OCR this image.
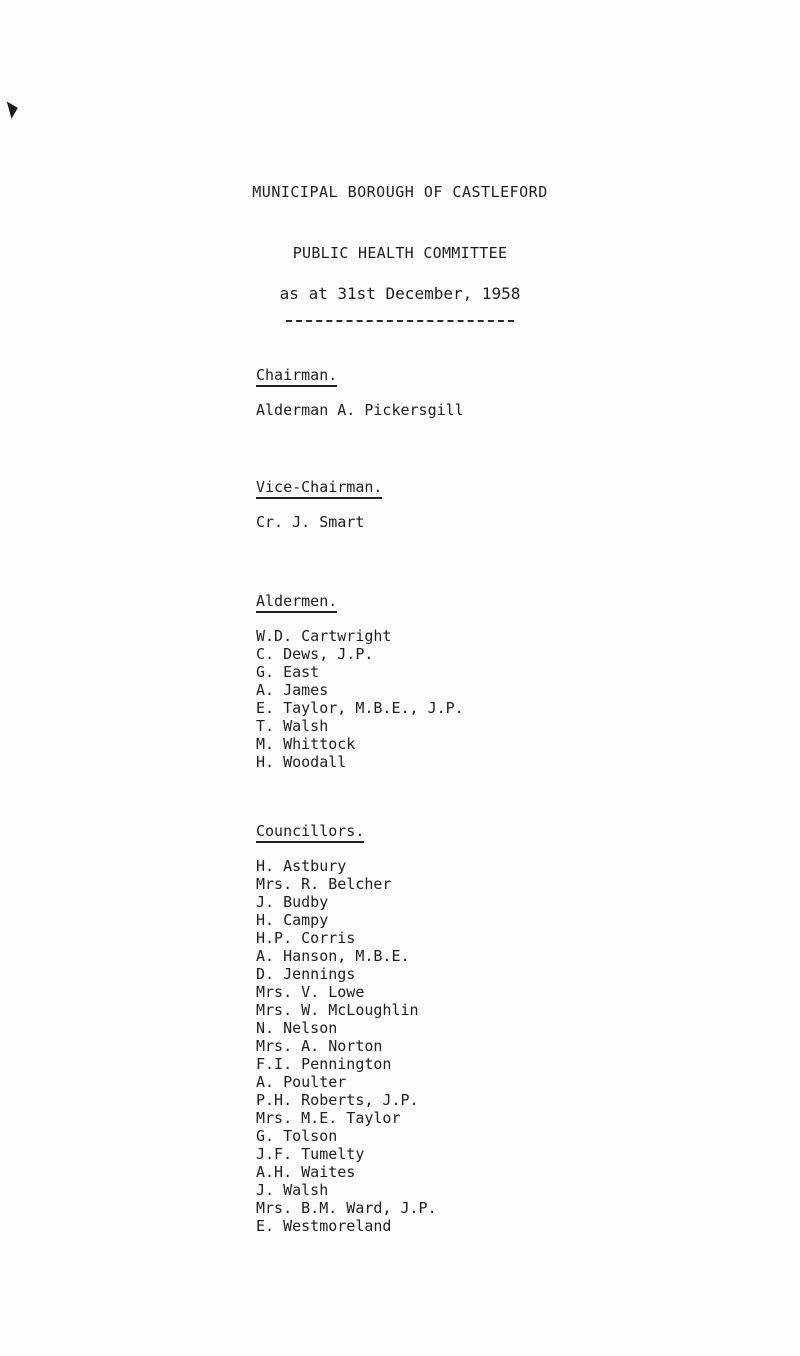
MUNICIPAL BOROUGH OF CASTLEFORD
PUBLIC HEALTH COMMITTEE
as at 31st December, 1958
Chairman.

Alderman A. Pickersgill

Vice-Chairman.

Cr. J. Smart

Aldermen.
W.D. Cartwright
C. Dews, J.P.
G. East
A. James
E. Taylor, M.B.E., J.P.
T. Walsh
M. Whittock
H. Woodall
Councillors.
H. Astbury
Mrs. R. Belcher
J. Budby
H. Campy
H.P. Corris
A. Hanson, M.B.E.
D. Jennings
Mrs. V. Lowe
Mrs. W. McLoughlin
N. Nelson
Mrs. A. Norton
F.I. Pennington
A. Poulter
P.H. Roberts, J.P.
Mrs. M.E. Taylor
G. Tolson
J.F. Tumelty
A.H. Waites
J. Walsh
Mrs. B.M. Ward, J.P.
E. Westmoreland
